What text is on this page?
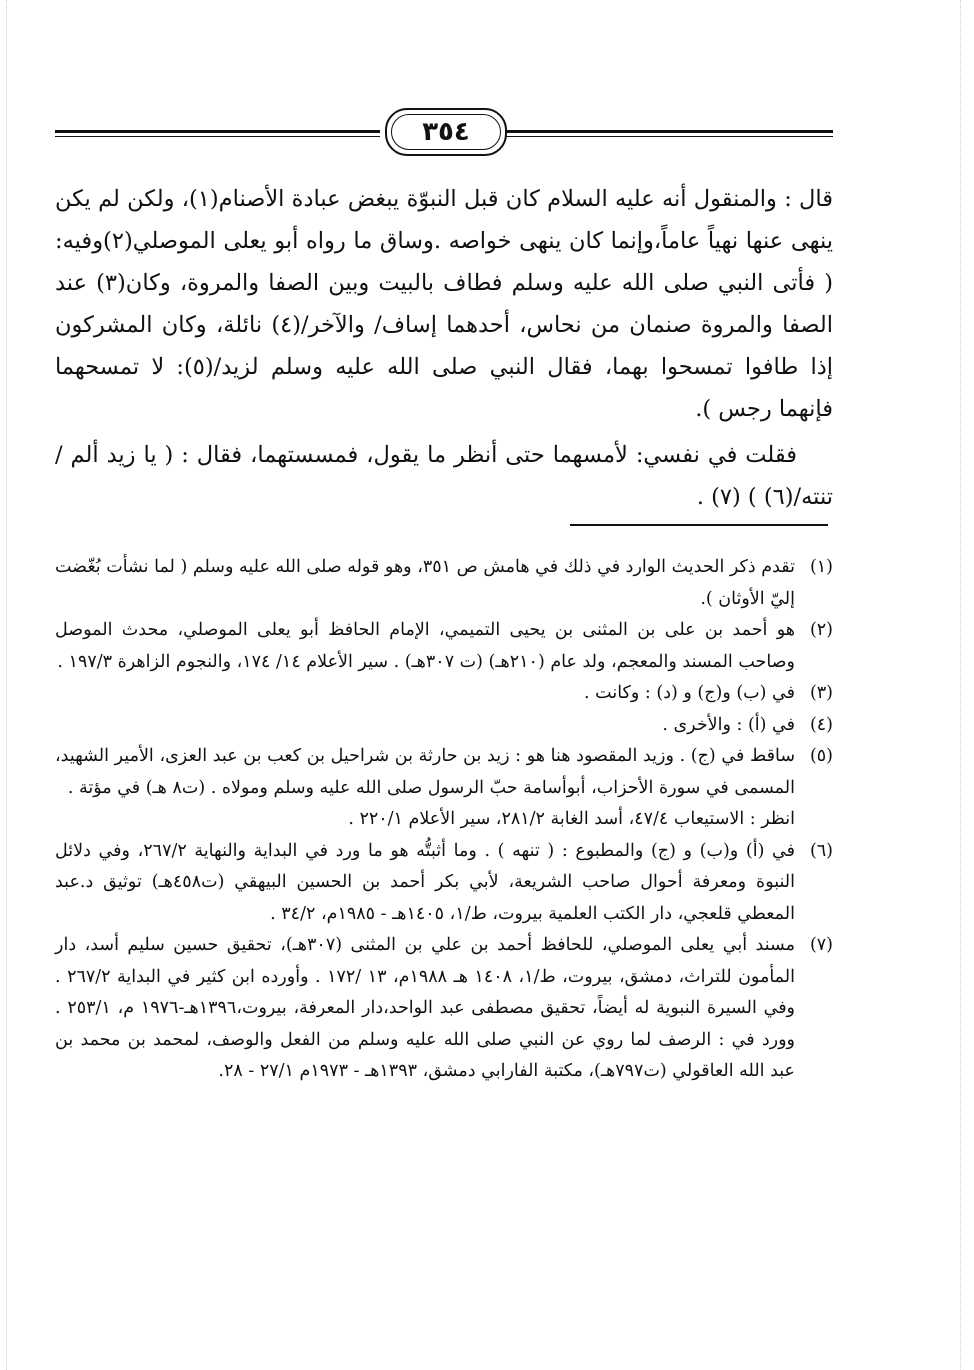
٣٥٤

قال : والمنقول أنه عليه السلام كان قبل النبوّة يبغض عبادة الأصنام(١)، ولكن لم يكن ينهى عنها نهياً عاماً،وإنما كان ينهى خواصه .وساق ما رواه أبو يعلى الموصلي(٢)وفيه: ( فأتى النبي صلى الله عليه وسلم فطاف بالبيت وبين الصفا والمروة، وكان(٣) عند الصفا والمروة صنمان من نحاس، أحدهما إساف/ والآخر/(٤) نائلة، وكان المشركون إذا طافوا تمسحوا بهما، فقال النبي صلى الله عليه وسلم لزيد/(٥): لا تمسحهما فإنهما رجس ).

فقلت في نفسي: لأمسهما حتى أنظر ما يقول، فمسستهما، فقال : ( يا زيد ألم / تنته/(٦) ) (٧) .

(١)
تقدم ذكر الحديث الوارد في ذلك في هامش ص ٣٥١، وهو قوله صلى الله عليه وسلم ( لما نشأت بُغّضت إليّ الأوثان ).
(٢)
هو أحمد بن على بن المثنى بن يحيى التميمي، الإمام الحافظ أبو يعلى الموصلي، محدث الموصل وصاحب المسند والمعجم، ولد عام (٢١٠هـ) (ت ٣٠٧هـ) . سير الأعلام ١٤/ ١٧٤، والنجوم الزاهرة ١٩٧/٣ .
(٣)
في (ب) و(ج) و (د) : وكانت .
(٤)
في (أ) : والأخرى .
(٥)
ساقط في (ج) . وزيد المقصود هنا هو : زيد بن حارثة بن شراحيل بن كعب بن عبد العزى، الأمير الشهيد، المسمى في سورة الأحزاب، أبوأسامة حبّ الرسول صلى الله عليه وسلم ومولاه . (ت٨ هـ) في مؤتة .
انظر : الاستيعاب ٤٧/٤، أسد الغابة ٢٨١/٢، سير الأعلام ٢٢٠/١ .
(٦)
في (أ) و(ب) و (ج) والمطبوع : ( تنهه ) . وما أثبتُّه هو ما ورد في البداية والنهاية ٢٦٧/٢، وفي دلائل النبوة ومعرفة أحوال صاحب الشريعة، لأبي بكر أحمد بن الحسين البيهقي (ت٤٥٨هـ) توثيق د.عبد المعطي قلعجي، دار الكتب العلمية بيروت، ط/١، ١٤٠٥هـ - ١٩٨٥م، ٣٤/٢ .
(٧)
مسند أبي يعلى الموصلي، للحافظ أحمد بن علي بن المثنى (٣٠٧هـ)، تحقيق حسين سليم أسد، دار المأمون للتراث، دمشق، بيروت، ط/١، ١٤٠٨ هـ ١٩٨٨م، ١٣ /١٧٢ . وأورده ابن كثير في البداية ٢٦٧/٢ . وفي السيرة النبوية له أيضاً، تحقيق مصطفى عبد الواحد،دار المعرفة، بيروت،١٣٩٦هـ-١٩٧٦ م، ٢٥٣/١ . وورد في : الرصف لما روي عن النبي صلى الله عليه وسلم من الفعل والوصف، لمحمد بن محمد بن عبد الله العاقولي (ت٧٩٧هـ)، مكتبة الفارابي دمشق، ١٣٩٣هـ - ١٩٧٣م ٢٧/١ - ٢٨.
